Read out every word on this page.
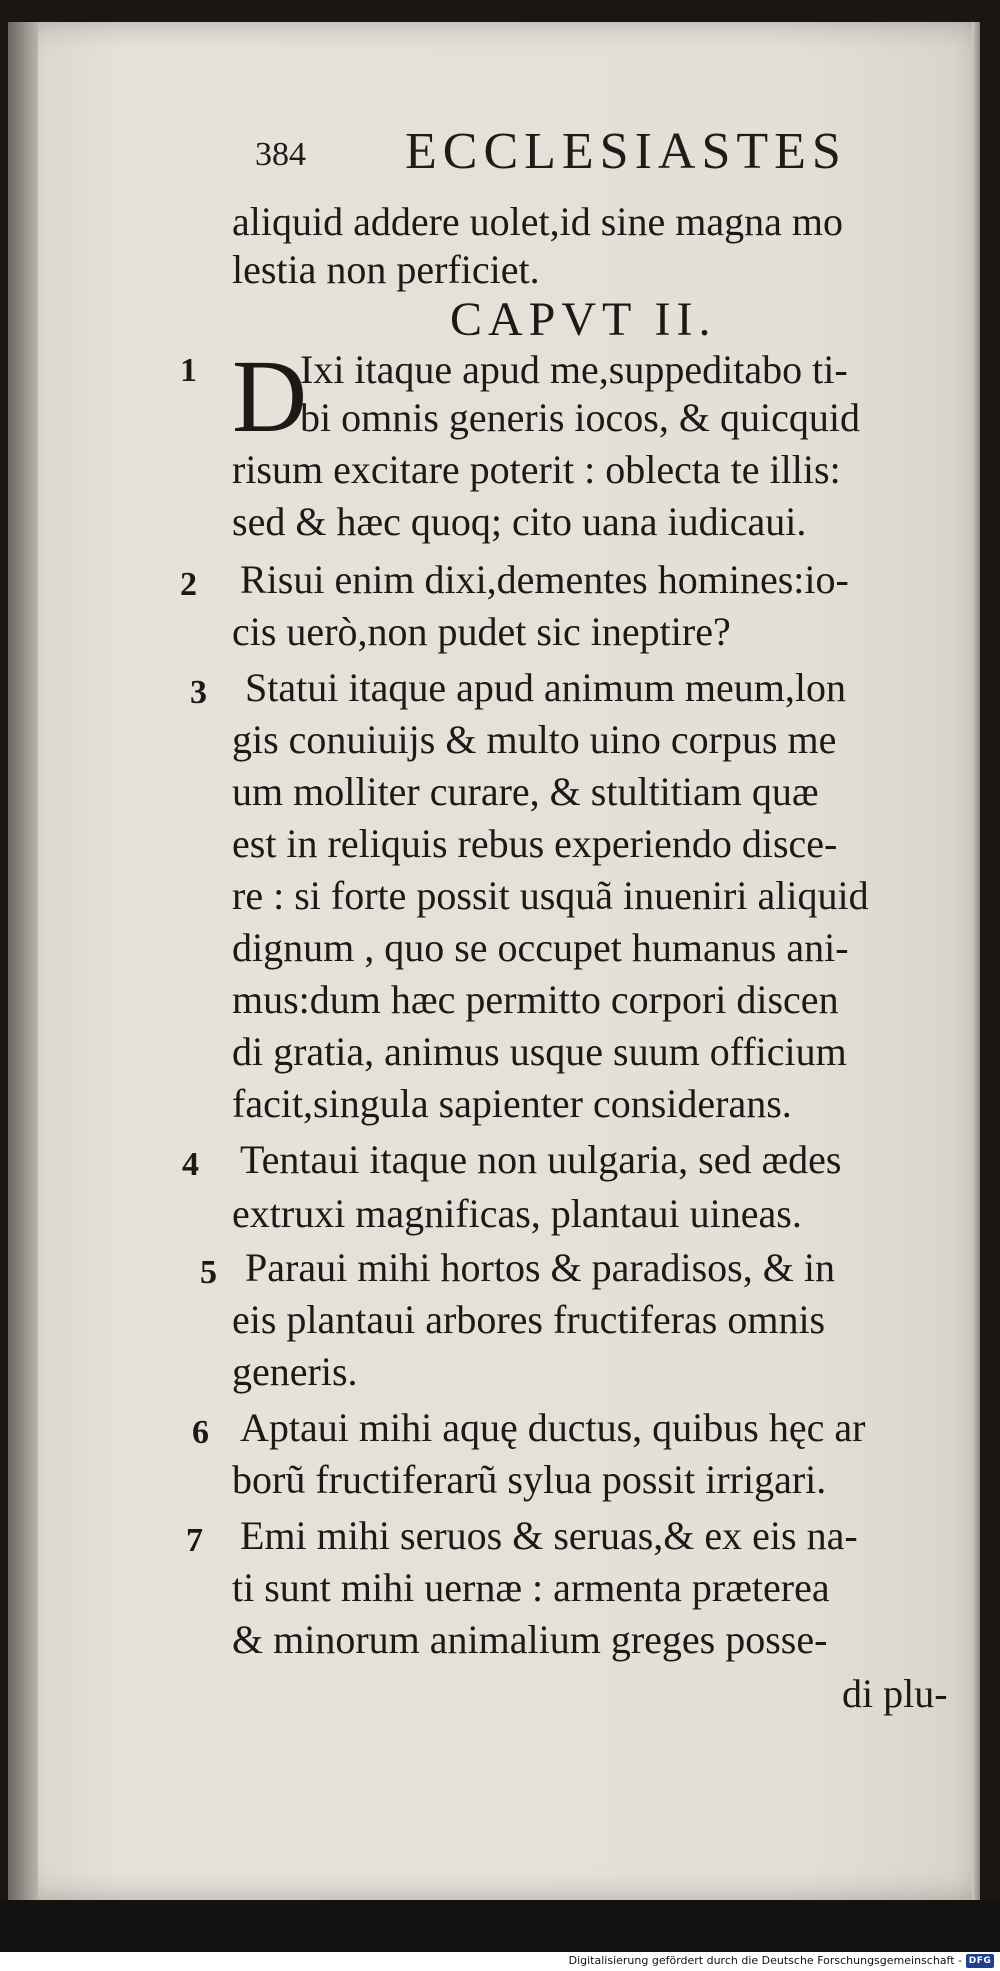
384 ECCLESIASTES
aliquid addere uolet,id sine magna mo
lestia non perficiet.
CAPVT II.
1 D
Ixi itaque apud me,suppeditabo ti-
bi omnis generis iocos, & quicquid
risum excitare poterit : oblecta te illis:
sed & hæc quoq; cito uana iudicaui.
2 Risui enim dixi,dementes homines:io-
cis uerò,non pudet sic ineptire?
3 Statui itaque apud animum meum,lon
gis conuiuijs & multo uino corpus me
um molliter curare, & stultitiam quæ
est in reliquis rebus experiendo disce-
re : si forte possit usquã inueniri aliquid
dignum , quo se occupet humanus ani-
mus:dum hæc permitto corpori discen
di gratia, animus usque suum officium
facit,singula sapienter considerans.
4 Tentaui itaque non uulgaria, sed ædes
extruxi magnificas, plantaui uineas.
5 Paraui mihi hortos & paradisos, & in
eis plantaui arbores fructiferas omnis
generis.
6 Aptaui mihi aquę ductus, quibus hęc ar
borũ fructiferarũ sylua possit irrigari.
7 Emi mihi seruos & seruas,& ex eis na-
ti sunt mihi uernæ : armenta præterea
& minorum animalium greges posse-
di plu-
Digitalisierung gefördert durch die Deutsche Forschungsgemeinschaft - DFG
